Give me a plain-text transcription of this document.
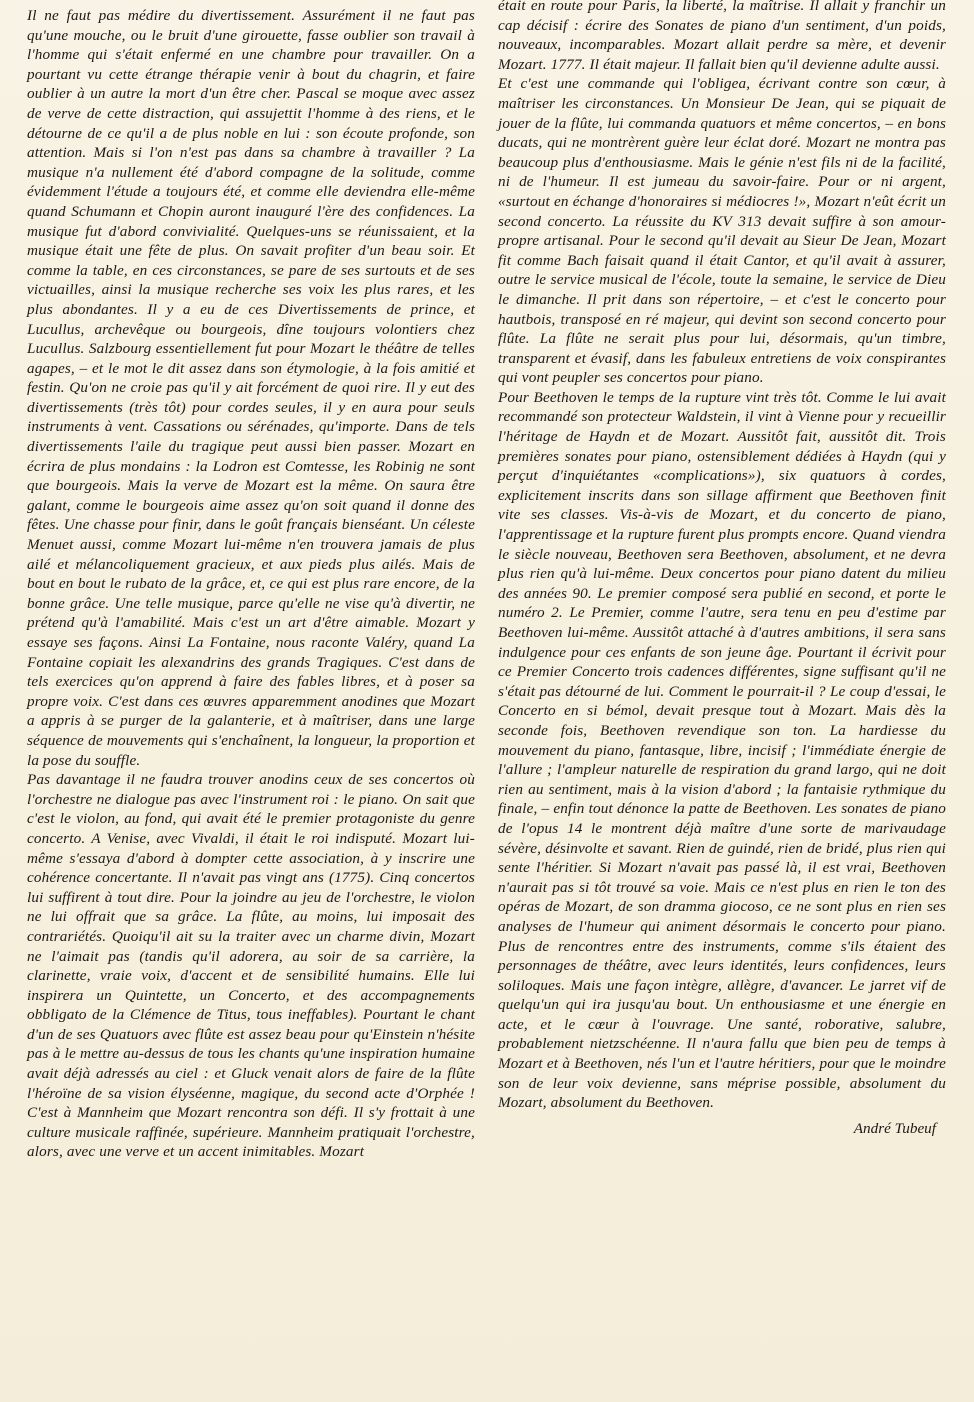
Il ne faut pas médire du divertissement. Assurément il ne faut pas qu'une mouche, ou le bruit d'une girouette, fasse oublier son travail à l'homme qui s'était enfermé en une chambre pour travailler. On a pourtant vu cette étrange thérapie venir à bout du chagrin, et faire oublier à un autre la mort d'un être cher. Pascal se moque avec assez de verve de cette distraction, qui assujettit l'homme à des riens, et le détourne de ce qu'il a de plus noble en lui : son écoute profonde, son attention. Mais si l'on n'est pas dans sa chambre à travailler ? La musique n'a nullement été d'abord compagne de la solitude, comme évidemment l'étude a toujours été, et comme elle deviendra elle-même quand Schumann et Chopin auront inauguré l'ère des confidences. La musique fut d'abord convivialité. Quelques-uns se réunissaient, et la musique était une fête de plus. On savait profiter d'un beau soir. Et comme la table, en ces circonstances, se pare de ses surtouts et de ses victuailles, ainsi la musique recherche ses voix les plus rares, et les plus abondantes. Il y a eu de ces Divertissements de prince, et Lucullus, archevêque ou bourgeois, dîne toujours volontiers chez Lucullus. Salzbourg essentiellement fut pour Mozart le théâtre de telles agapes, – et le mot le dit assez dans son étymologie, à la fois amitié et festin. Qu'on ne croie pas qu'il y ait forcément de quoi rire. Il y eut des divertissements (très tôt) pour cordes seules, il y en aura pour seuls instruments à vent. Cassations ou sérénades, qu'importe. Dans de tels divertissements l'aile du tragique peut aussi bien passer. Mozart en écrira de plus mondains : la Lodron est Comtesse, les Robinig ne sont que bourgeois. Mais la verve de Mozart est la même. On saura être galant, comme le bourgeois aime assez qu'on soit quand il donne des fêtes. Une chasse pour finir, dans le goût français bienséant. Un céleste Menuet aussi, comme Mozart lui-même n'en trouvera jamais de plus ailé et mélancoliquement gracieux, et aux pieds plus ailés. Mais de bout en bout le rubato de la grâce, et, ce qui est plus rare encore, de la bonne grâce. Une telle musique, parce qu'elle ne vise qu'à divertir, ne prétend qu'à l'amabilité. Mais c'est un art d'être aimable. Mozart y essaye ses façons. Ainsi La Fontaine, nous raconte Valéry, quand La Fontaine copiait les alexandrins des grands Tragiques. C'est dans de tels exercices qu'on apprend à faire des fables libres, et à poser sa propre voix. C'est dans ces œuvres apparemment anodines que Mozart a appris à se purger de la galanterie, et à maîtriser, dans une large séquence de mouvements qui s'enchaînent, la longueur, la proportion et la pose du souffle.

Pas davantage il ne faudra trouver anodins ceux de ses concertos où l'orchestre ne dialogue pas avec l'instrument roi : le piano. On sait que c'est le violon, au fond, qui avait été le premier protagoniste du genre concerto. A Venise, avec Vivaldi, il était le roi indisputé. Mozart lui-même s'essaya d'abord à dompter cette association, à y inscrire une cohérence concertante. Il n'avait pas vingt ans (1775). Cinq concertos lui suffirent à tout dire. Pour la joindre au jeu de l'orchestre, le violon ne lui offrait que sa grâce. La flûte, au moins, lui imposait des contrariétés. Quoiqu'il ait su la traiter avec un charme divin, Mozart ne l'aimait pas (tandis qu'il adorera, au soir de sa carrière, la clarinette, vraie voix, d'accent et de sensibilité humains. Elle lui inspirera un Quintette, un Concerto, et des accompagnements obbligato de la Clémence de Titus, tous ineffables). Pourtant le chant d'un de ses Quatuors avec flûte est assez beau pour qu'Einstein n'hésite pas à le mettre au-dessus de tous les chants qu'une inspiration humaine avait déjà adressés au ciel : et Gluck venait alors de faire de la flûte l'héroïne de sa vision élyséenne, magique, du second acte d'Orphée ! C'est à Mannheim que Mozart rencontra son défi. Il s'y frottait à une culture musicale raffinée, supérieure. Mannheim pratiquait l'orchestre, alors, avec une verve et un accent inimitables. Mozart

était en route pour Paris, la liberté, la maîtrise. Il allait y franchir un cap décisif : écrire des Sonates de piano d'un sentiment, d'un poids, nouveaux, incomparables. Mozart allait perdre sa mère, et devenir Mozart. 1777. Il était majeur. Il fallait bien qu'il devienne adulte aussi.

Et c'est une commande qui l'obligea, écrivant contre son cœur, à maîtriser les circonstances. Un Monsieur De Jean, qui se piquait de jouer de la flûte, lui commanda quatuors et même concertos, – en bons ducats, qui ne montrèrent guère leur éclat doré. Mozart ne montra pas beaucoup plus d'enthousiasme. Mais le génie n'est fils ni de la facilité, ni de l'humeur. Il est jumeau du savoir-faire. Pour or ni argent, «surtout en échange d'honoraires si médiocres !», Mozart n'eût écrit un second concerto. La réussite du KV 313 devait suffire à son amour-propre artisanal. Pour le second qu'il devait au Sieur De Jean, Mozart fit comme Bach faisait quand il était Cantor, et qu'il avait à assurer, outre le service musical de l'école, toute la semaine, le service de Dieu le dimanche. Il prit dans son répertoire, – et c'est le concerto pour hautbois, transposé en ré majeur, qui devint son second concerto pour flûte. La flûte ne serait plus pour lui, désormais, qu'un timbre, transparent et évasif, dans les fabuleux entretiens de voix conspirantes qui vont peupler ses concertos pour piano.

Pour Beethoven le temps de la rupture vint très tôt. Comme le lui avait recommandé son protecteur Waldstein, il vint à Vienne pour y recueillir l'héritage de Haydn et de Mozart. Aussitôt fait, aussitôt dit. Trois premières sonates pour piano, ostensiblement dédiées à Haydn (qui y perçut d'inquiétantes «complications»), six quatuors à cordes, explicitement inscrits dans son sillage affirment que Beethoven finit vite ses classes. Vis-à-vis de Mozart, et du concerto de piano, l'apprentissage et la rupture furent plus prompts encore. Quand viendra le siècle nouveau, Beethoven sera Beethoven, absolument, et ne devra plus rien qu'à lui-même. Deux concertos pour piano datent du milieu des années 90. Le premier composé sera publié en second, et porte le numéro 2. Le Premier, comme l'autre, sera tenu en peu d'estime par Beethoven lui-même. Aussitôt attaché à d'autres ambitions, il sera sans indulgence pour ces enfants de son jeune âge. Pourtant il écrivit pour ce Premier Concerto trois cadences différentes, signe suffisant qu'il ne s'était pas détourné de lui. Comment le pourrait-il ? Le coup d'essai, le Concerto en si bémol, devait presque tout à Mozart. Mais dès la seconde fois, Beethoven revendique son ton. La hardiesse du mouvement du piano, fantasque, libre, incisif ; l'immédiate énergie de l'allure ; l'ampleur naturelle de respiration du grand largo, qui ne doit rien au sentiment, mais à la vision d'abord ; la fantaisie rythmique du finale, – enfin tout dénonce la patte de Beethoven. Les sonates de piano de l'opus 14 le montrent déjà maître d'une sorte de marivaudage sévère, désinvolte et savant. Rien de guindé, rien de bridé, plus rien qui sente l'héritier. Si Mozart n'avait pas passé là, il est vrai, Beethoven n'aurait pas si tôt trouvé sa voie. Mais ce n'est plus en rien le ton des opéras de Mozart, de son dramma giocoso, ce ne sont plus en rien ses analyses de l'humeur qui animent désormais le concerto pour piano. Plus de rencontres entre des instruments, comme s'ils étaient des personnages de théâtre, avec leurs identités, leurs confidences, leurs soliloques. Mais une façon intègre, allègre, d'avancer. Le jarret vif de quelqu'un qui ira jusqu'au bout. Un enthousiasme et une énergie en acte, et le cœur à l'ouvrage. Une santé, roborative, salubre, probablement nietzschéenne. Il n'aura fallu que bien peu de temps à Mozart et à Beethoven, nés l'un et l'autre héritiers, pour que le moindre son de leur voix devienne, sans méprise possible, absolument du Mozart, absolument du Beethoven.

André Tubeuf
